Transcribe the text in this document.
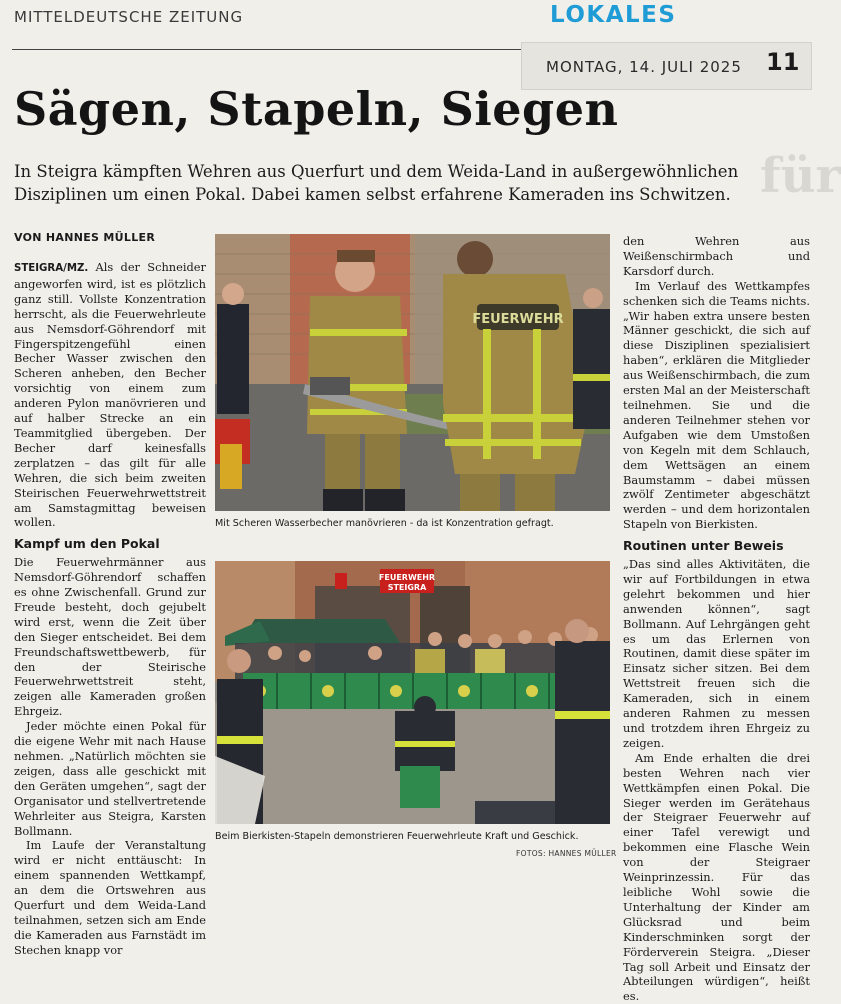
MITTELDEUTSCHE ZEITUNG	LOKALES
MONTAG, 14. JULI 2025 11
Sägen, Stapeln, Siegen
für
In Steigra kämpften Wehren aus Querfurt und dem Weida-Land in außergewöhnlichen Disziplinen um einen Pokal. Dabei kamen selbst erfahrene Kameraden ins Schwitzen.
VON HANNES MÜLLER

STEIGRA/MZ. Als der Schneider angeworfen wird, ist es plötzlich ganz still. Vollste Konzentration herrscht, als die Feuerwehrleute aus Nemsdorf-Göhrendorf mit Fingerspitzengefühl einen Becher Wasser zwischen den Scheren anheben, den Becher vorsichtig von einem zum anderen Pylon manövrieren und auf halber Strecke an ein Teammitglied übergeben. Der Becher darf keinesfalls zerplatzen – das gilt für alle Wehren, die sich beim zweiten Steirischen Feuerwehrwettstreit am Samstagmittag beweisen wollen.

Kampf um den Pokal

Die Feuerwehrmänner aus Nemsdorf-Göhrendorf schaffen es ohne Zwischenfall. Grund zur Freude besteht, doch gejubelt wird erst, wenn die Zeit über den Sieger entscheidet. Bei dem Freundschaftswettbewerb, für den der Steirische Feuerwehrwettstreit steht, zeigen alle Kameraden großen Ehrgeiz.

Jeder möchte einen Pokal für die eigene Wehr mit nach Hause nehmen. „Natürlich möchten sie zeigen, dass alle geschickt mit den Geräten umgehen“, sagt der Organisator und stellvertretende Wehrleiter aus Steigra, Karsten Bollmann.

Im Laufe der Veranstaltung wird er nicht enttäuscht: In einem spannenden Wettkampf, an dem die Ortswehren aus Querfurt und dem Weida-Land teilnahmen, setzen sich am Ende die Kameraden aus Farnstädt im Stechen knapp vor

FEUERWEHR
Mit Scheren Wasserbecher manövrieren - da ist Konzentration gefragt.
FEUERWEHR
STEIGRA
Beim Bierkisten-Stapeln demonstrieren Feuerwehrleute Kraft und Geschick.
FOTOS: HANNES MÜLLER

den Wehren aus Weißenschirmbach und Karsdorf durch.

Im Verlauf des Wettkampfes schenken sich die Teams nichts. „Wir haben extra unsere besten Männer geschickt, die sich auf diese Disziplinen spezialisiert haben“, erklären die Mitglieder aus Weißenschirmbach, die zum ersten Mal an der Meisterschaft teilnehmen. Sie und die anderen Teilnehmer stehen vor Aufgaben wie dem Umstoßen von Kegeln mit dem Schlauch, dem Wettsägen an einem Baumstamm – dabei müssen zwölf Zentimeter abgeschätzt werden – und dem horizontalen Stapeln von Bierkisten.

Routinen unter Beweis

„Das sind alles Aktivitäten, die wir auf Fortbildungen in etwa gelehrt bekommen und hier anwenden können“, sagt Bollmann. Auf Lehrgängen geht es um das Erlernen von Routinen, damit diese später im Einsatz sicher sitzen. Bei dem Wettstreit freuen sich die Kameraden, sich in einem anderen Rahmen zu messen und trotzdem ihren Ehrgeiz zu zeigen.

Am Ende erhalten die drei besten Wehren nach vier Wettkämpfen einen Pokal. Die Sieger werden im Gerätehaus der Steigraer Feuerwehr auf einer Tafel verewigt und bekommen eine Flasche Wein von der Steigraer Weinprinzessin. Für das leibliche Wohl sowie die Unterhaltung der Kinder am Glücksrad und beim Kinderschminken sorgt der Förderverein Steigra. „Dieser Tag soll Arbeit und Einsatz der Abteilungen würdigen“, heißt es.
